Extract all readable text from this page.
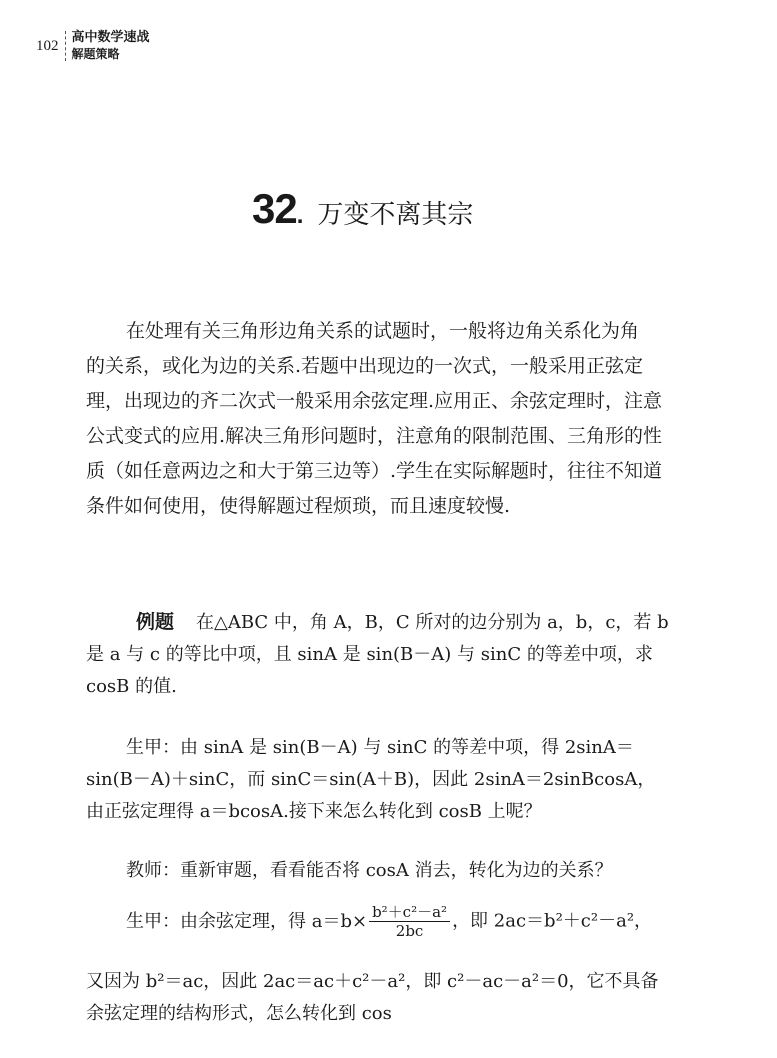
102 高中数学速战
解题策略
32 . 万变不离其宗

在处理有关三角形边角关系的试题时，一般将边角关系化为角
的关系，或化为边的关系.若题中出现边的一次式，一般采用正弦定
理，出现边的齐二次式一般采用余弦定理.应用正、余弦定理时，注意
公式变式的应用.解决三角形问题时，注意角的限制范围、三角形的性
质（如任意两边之和大于第三边等）.学生在实际解题时，往往不知道
条件如何使用，使得解题过程烦琐，而且速度较慢.

例题 在△ABC 中，角 A，B，C 所对的边分别为 a，b，c，若 b
是 a 与 c 的等比中项，且 sinA 是 sin(B－A) 与 sinC 的等差中项，求
cosB 的值.

生甲：由 sinA 是 sin(B－A) 与 sinC 的等差中项，得 2sinA＝
sin(B－A)＋sinC，而 sinC＝sin(A＋B)，因此 2sinA＝2sinBcosA，
由正弦定理得 a＝bcosA.接下来怎么转化到 cosB 上呢？

教师：重新审题，看看能否将 cosA 消去，转化为边的关系？

生甲：由余弦定理，得 $a=b\times \frac{\text{b²＋c²－a²}}{2bc}$ ，即 2ac＝b²＋c²－a²，

又因为 b²＝ac，因此 2ac＝ac＋c²－a²，即 c²－ac－a²＝0，它不具备
余弦定理的结构形式，怎么转化到 cos
